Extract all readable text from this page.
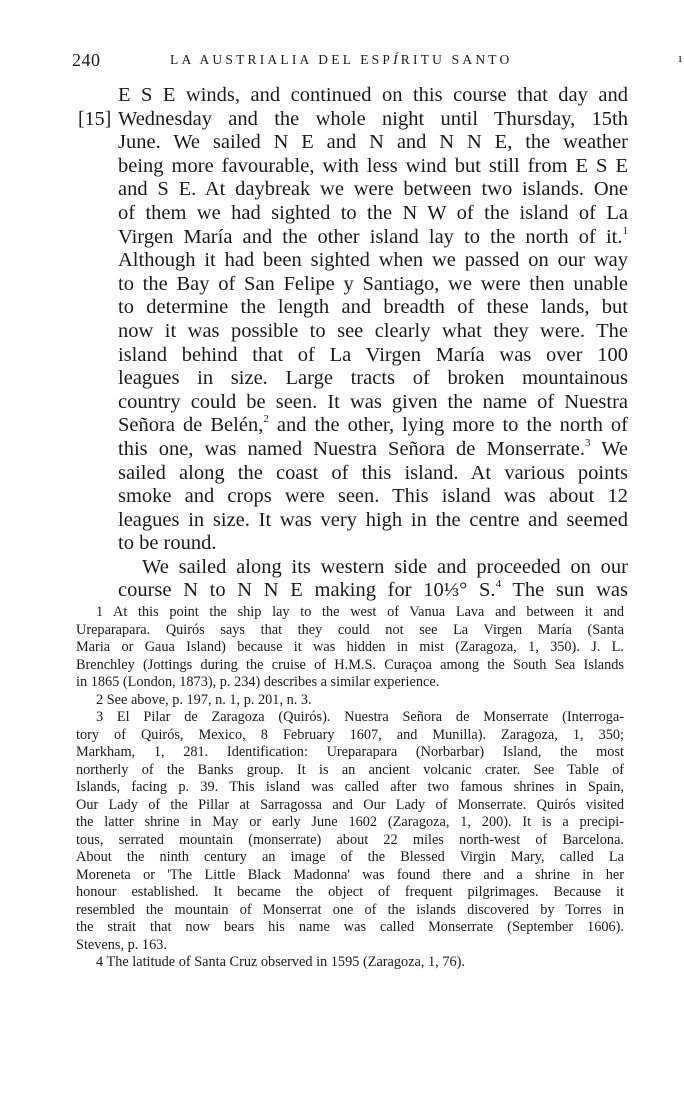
240	LA AUSTRIALIA DEL ESPÍRITU SANTO	ı
E S E winds, and continued on this course that day and
[15] Wednesday and the whole night until Thursday, 15th
June. We sailed N E and N and N N E, the weather
being more favourable, with less wind but still from E S E
and S E. At daybreak we were between two islands. One
of them we had sighted to the N W of the island of La
Virgen María and the other island lay to the north of it.$^1$
Although it had been sighted when we passed on our way
to the Bay of San Felipe y Santiago, we were then unable
to determine the length and breadth of these lands, but
now it was possible to see clearly what they were. The
island behind that of La Virgen María was over 100
leagues in size. Large tracts of broken mountainous
country could be seen. It was given the name of Nuestra
Señora de Belén,$^2$ and the other, lying more to the north of
this one, was named Nuestra Señora de Monserrate.$^3$ We
sailed along the coast of this island. At various points
smoke and crops were seen. This island was about 12
leagues in size. It was very high in the centre and seemed
to be round.
We sailed along its western side and proceeded on our
course N to N N E making for 10⅓° S.$^4$ The sun was
1 At this point the ship lay to the west of Vanua Lava and between it and
Ureparapara. Quirós says that they could not see La Virgen María (Santa
Maria or Gaua Island) because it was hidden in mist (Zaragoza, 1, 350). J. L.
Brenchley (Jottings during the cruise of H.M.S. Curaçoa among the South Sea Islands
in 1865 (London, 1873), p. 234) describes a similar experience.
2 See above, p. 197, n. 1, p. 201, n. 3.
3 El Pilar de Zaragoza (Quirós). Nuestra Señora de Monserrate (Interroga-
tory of Quirós, Mexico, 8 February 1607, and Munilla). Zaragoza, 1, 350;
Markham, 1, 281. Identification: Ureparapara (Norbarbar) Island, the most
northerly of the Banks group. It is an ancient volcanic crater. See Table of
Islands, facing p. 39. This island was called after two famous shrines in Spain,
Our Lady of the Pillar at Sarragossa and Our Lady of Monserrate. Quirós visited
the latter shrine in May or early June 1602 (Zaragoza, 1, 200). It is a precipi-
tous, serrated mountain (monserrate) about 22 miles north-west of Barcelona.
About the ninth century an image of the Blessed Virgin Mary, called La
Moreneta or 'The Little Black Madonna' was found there and a shrine in her
honour established. It became the object of frequent pilgrimages. Because it
resembled the mountain of Monserrat one of the islands discovered by Torres in
the strait that now bears his name was called Monserrate (September 1606).
Stevens, p. 163.
4 The latitude of Santa Cruz observed in 1595 (Zaragoza, 1, 76).
